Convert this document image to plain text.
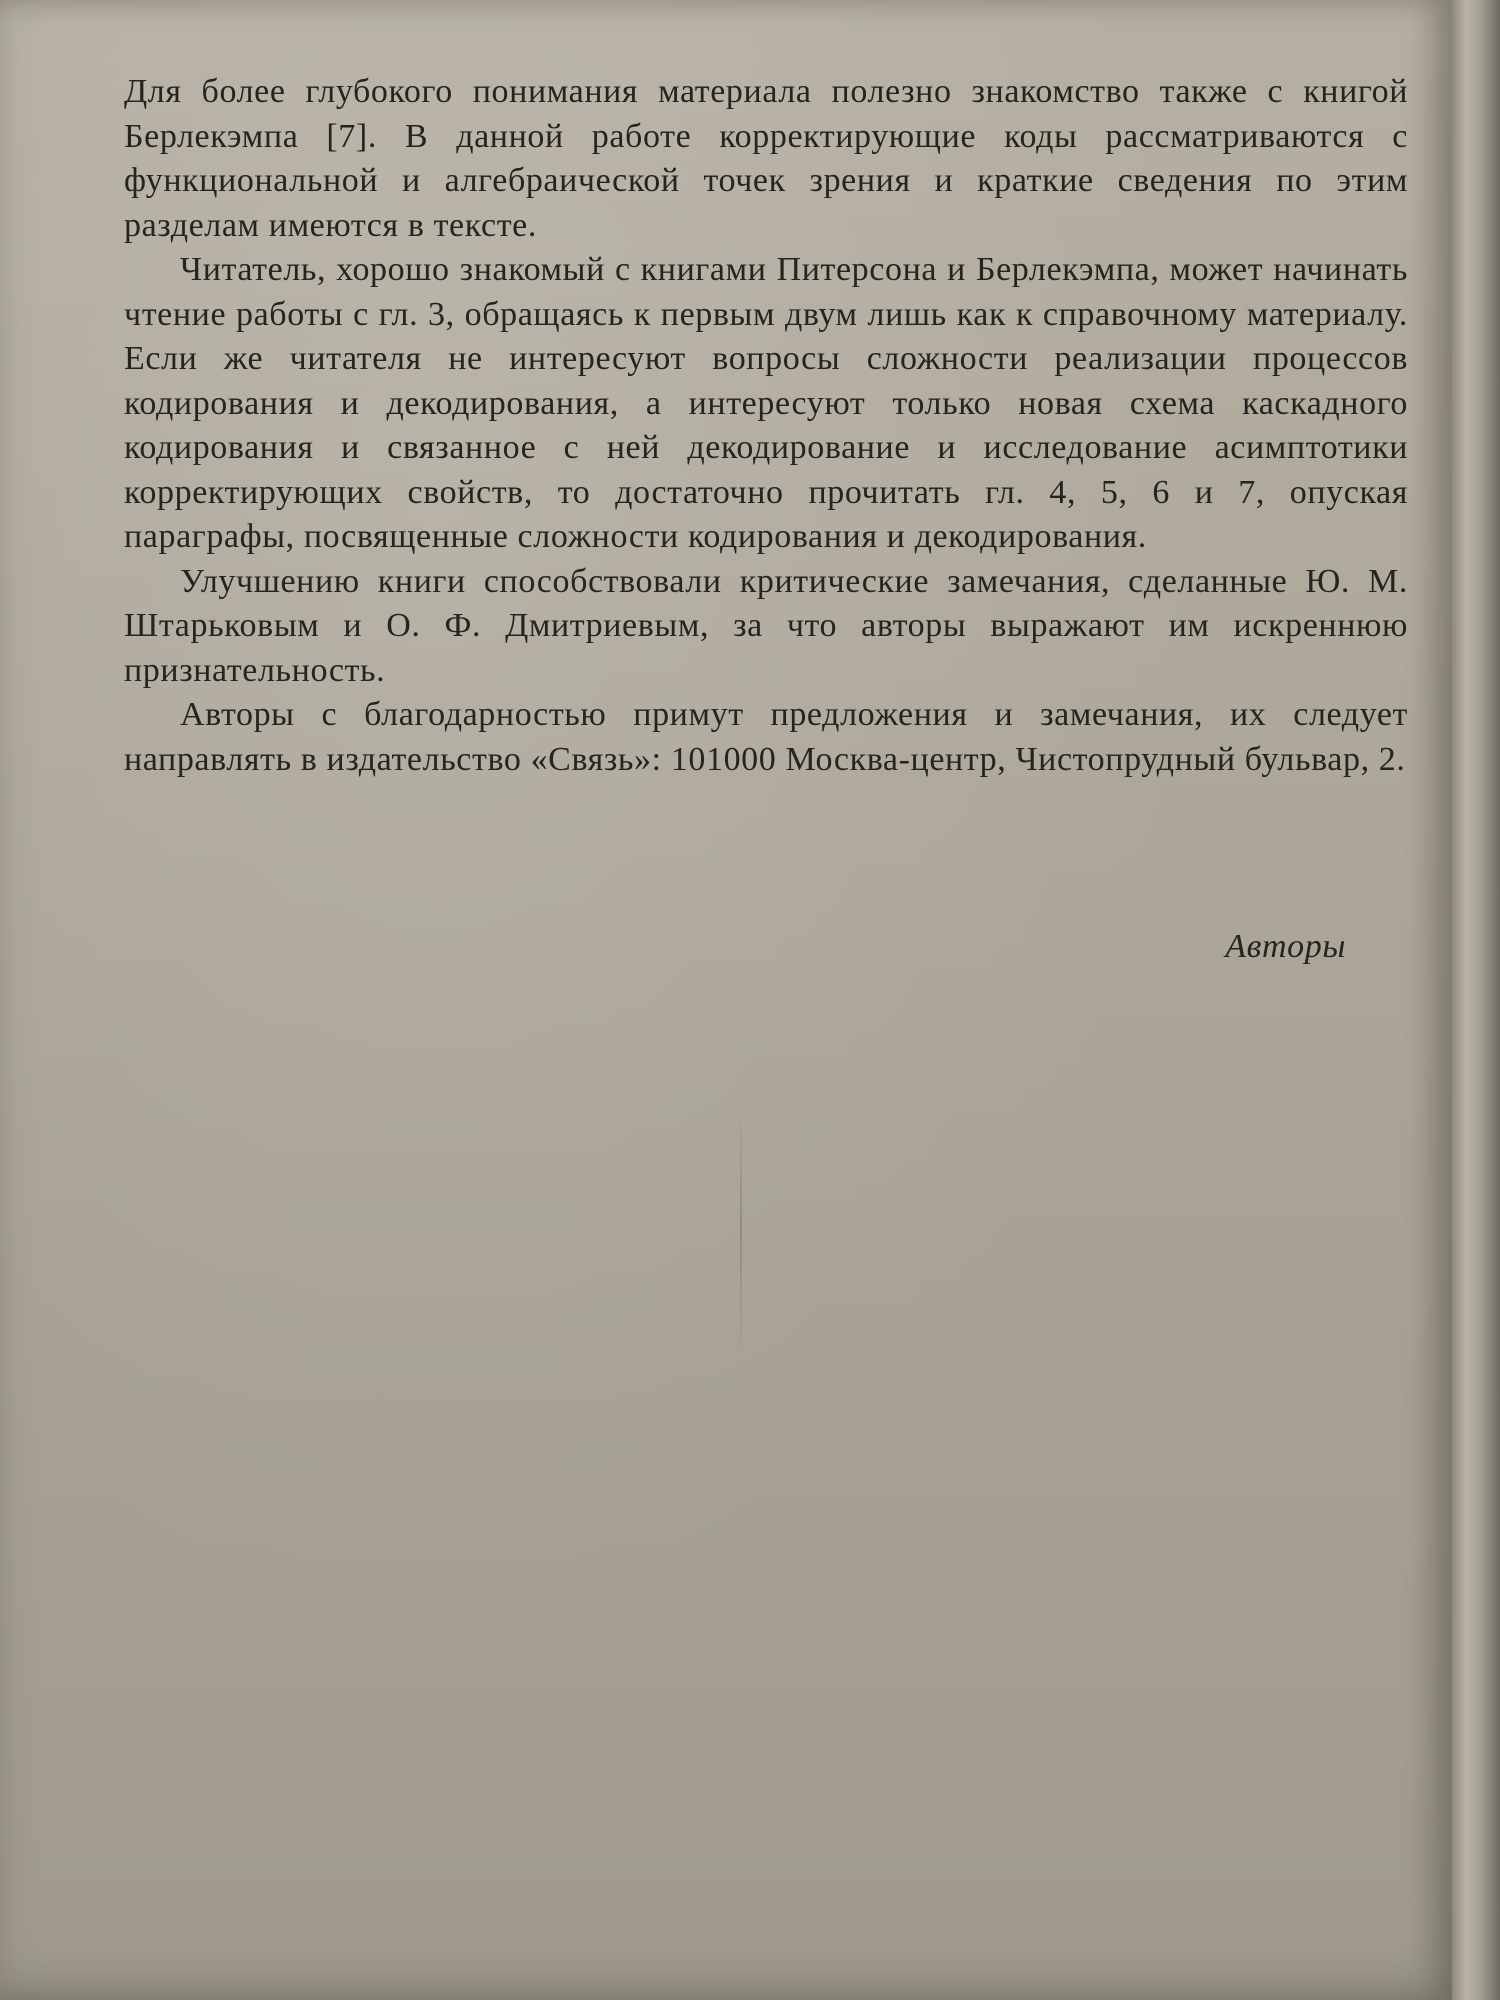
Для более глубокого понимания материала полезно знакомство также с книгой Берлекэмпа [7]. В данной работе корректирующие коды рассматриваются с функциональной и алгебраической точек зрения и краткие сведения по этим разделам имеются в тексте.

Читатель, хорошо знакомый с книгами Питерсона и Берлекэмпа, может начинать чтение работы с гл. 3, обращаясь к первым двум лишь как к справочному материалу. Если же читателя не интересуют вопросы сложности реализации процессов кодирования и декодирования, а интересуют только новая схема каскадного кодирования и связанное с ней декодирование и исследование асимптотики корректирующих свойств, то достаточно прочитать гл. 4, 5, 6 и 7, опуская параграфы, посвященные сложности кодирования и декодирования.

Улучшению книги способствовали критические замечания, сделанные Ю. М. Штарьковым и О. Ф. Дмитриевым, за что авторы выражают им искреннюю признательность.

Авторы с благодарностью примут предложения и замечания, их следует направлять в издательство «Связь»: 101000 Москва-центр, Чистопрудный бульвар, 2.

Авторы
